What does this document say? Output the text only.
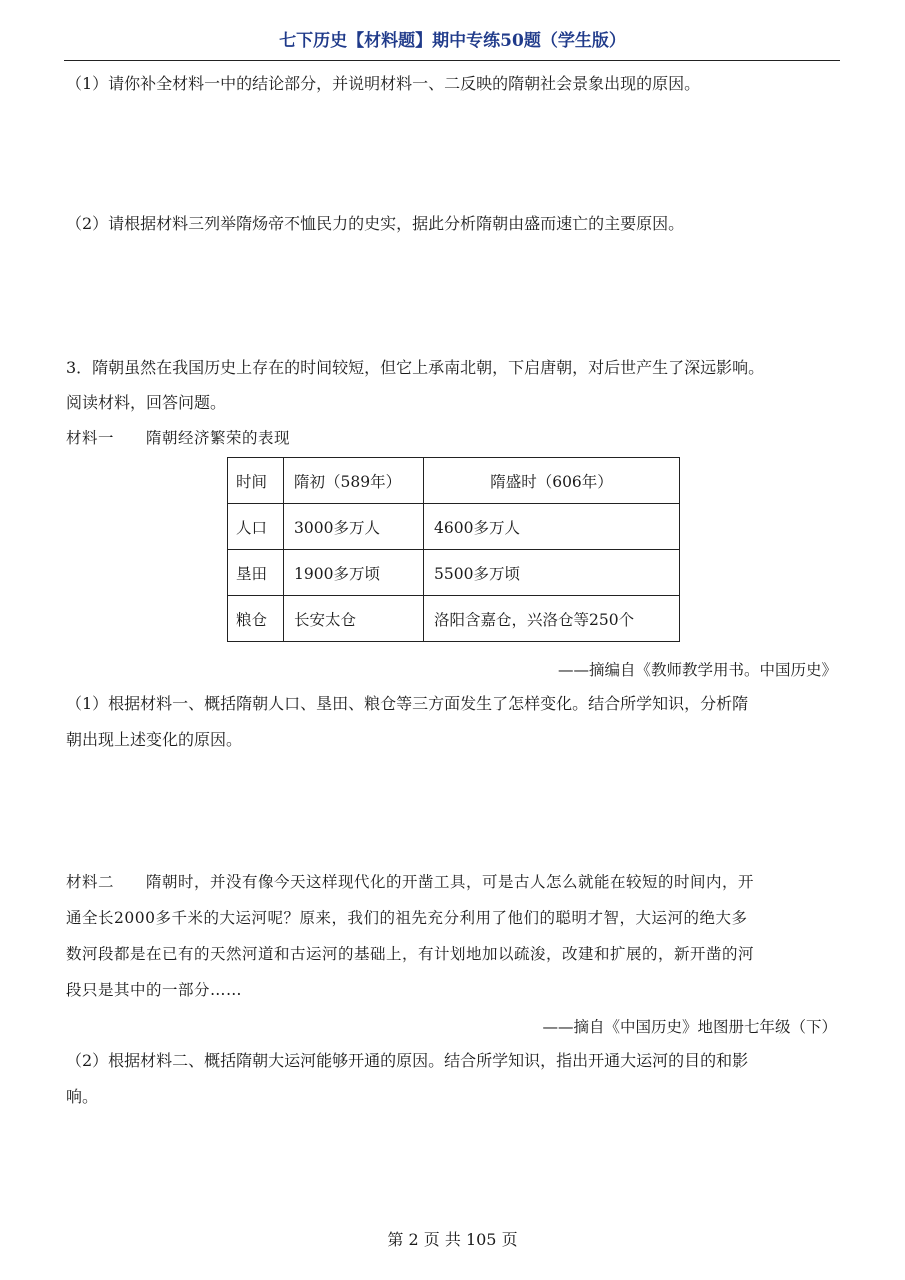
七下历史【材料题】期中专练50题（学生版）
（1）请你补全材料一中的结论部分，并说明材料一、二反映的隋朝社会景象出现的原因。
（2）请根据材料三列举隋炀帝不恤民力的史实，据此分析隋朝由盛而速亡的主要原因。
3．隋朝虽然在我国历史上存在的时间较短，但它上承南北朝，下启唐朝，对后世产生了深远影响。
阅读材料，回答问题。
材料一　　隋朝经济繁荣的表现
时间	隋初（589年）	隋盛时（606年）
人口	3000多万人	4600多万人
垦田	1900多万顷	5500多万顷
粮仓	长安太仓	洛阳含嘉仓，兴洛仓等250个
——摘编自《教师教学用书。中国历史》
（1）根据材料一、概括隋朝人口、垦田、粮仓等三方面发生了怎样变化。结合所学知识，分析隋
朝出现上述变化的原因。
材料二　　隋朝时，并没有像今天这样现代化的开凿工具，可是古人怎么就能在较短的时间内，开
通全长2000多千米的大运河呢？原来，我们的祖先充分利用了他们的聪明才智，大运河的绝大多
数河段都是在已有的天然河道和古运河的基础上，有计划地加以疏浚，改建和扩展的，新开凿的河
段只是其中的一部分……
——摘自《中国历史》地图册七年级（下）
（2）根据材料二、概括隋朝大运河能够开通的原因。结合所学知识，指出开通大运河的目的和影
响。
第 2 页 共 105 页
